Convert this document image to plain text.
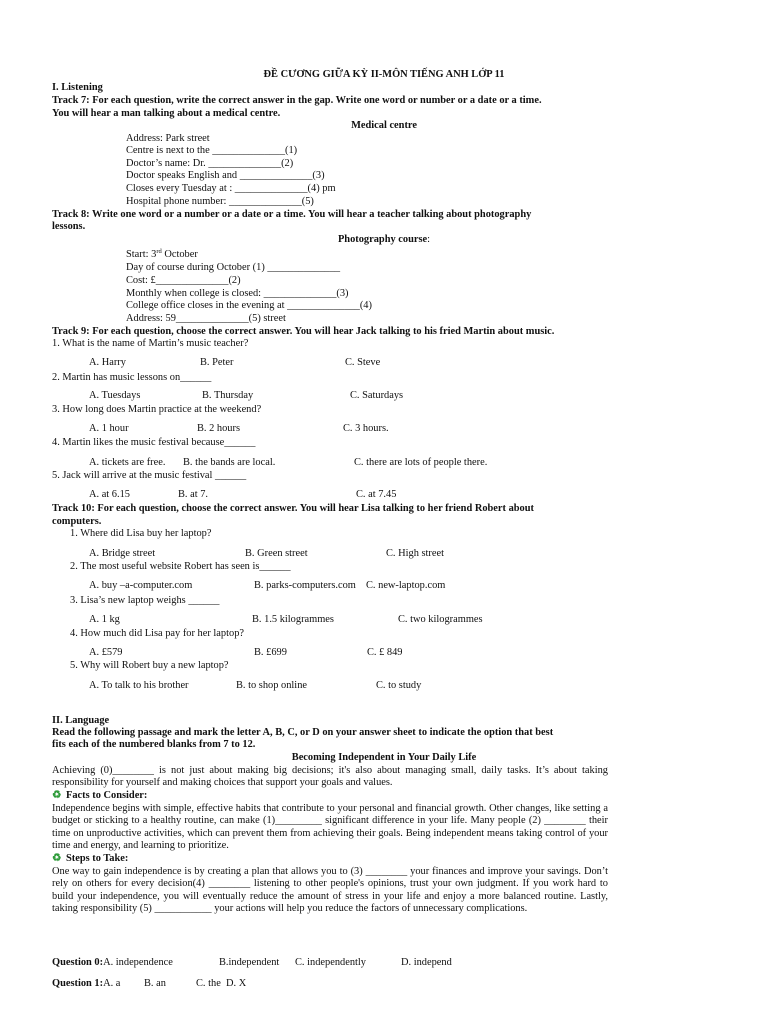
ĐỀ CƯƠNG GIỮA KỲ II-MÔN TIẾNG ANH LỚP 11
I. Listening
Track 7: For each question, write the correct answer in the gap. Write one word or number or a date or a time.
You will hear a man talking about a medical centre.
Medical centre
Address: Park street
Centre is next to the ______________(1)
Doctor’s name: Dr. ______________(2)
Doctor speaks English and ______________(3)
Closes every Tuesday at : ______________(4) pm
Hospital phone number: ______________(5)
Track 8: Write one word or a number or a date or a time. You will hear a teacher talking about photography
lessons.
Photography course:
Start: 3rd October
Day of course during October (1) ______________
Cost: £______________(2)
Monthly when college is closed: ______________(3)
College office closes in the evening at ______________(4)
Address: 59______________(5) street
Track 9: For each question, choose the correct answer. You will hear Jack talking to his fried Martin about music.
1. What is the name of Martin’s music teacher?
A. Harry	B. Peter	C. Steve
2. Martin has music lessons on______
A. Tuesdays	B. Thursday	C. Saturdays
3. How long does Martin practice at the weekend?
A. 1 hour	B. 2 hours	C. 3 hours.
4. Martin likes the music festival because______
A. tickets are free. B. the bands are local.	C. there are lots of people there.
5. Jack will arrive at the music festival ______
A. at 6.15	B. at 7.	C. at 7.45
Track 10: For each question, choose the correct answer. You will hear Lisa talking to her friend Robert about
computers.
1. Where did Lisa buy her laptop?
A. Bridge street	B. Green street	C. High street
2. The most useful website Robert has seen is______
A. buy –a-computer.com	B. parks-computers.com C. new-laptop.com
3. Lisa’s new laptop weighs ______
A. 1 kg	B. 1.5 kilogrammes	C. two kilogrammes
4. How much did Lisa pay for her laptop?
A. £579	B. £699	C. £ 849
5. Why will Robert buy a new laptop?
A. To talk to his brother	B. to shop online	C. to study
II. Language
Read the following passage and mark the letter A, B, C, or D on your answer sheet to indicate the option that best
fits each of the numbered blanks from 7 to 12.
Becoming Independent in Your Daily Life
Achieving (0)________ is not just about making big decisions; it's also about managing small, daily tasks. It’s about taking responsibility for yourself and making choices that support your goals and values.
♻ Facts to Consider:
Independence begins with simple, effective habits that contribute to your personal and financial growth. Other changes, like setting a budget or sticking to a healthy routine, can make (1)_________ significant difference in your life. Many people (2) ________ their time on unproductive activities, which can prevent them from achieving their goals. Being independent means taking control of your time and energy, and learning to prioritize.
♻ Steps to Take:
One way to gain independence is by creating a plan that allows you to (3) ________ your finances and improve your savings. Don’t rely on others for every decision(4) ________ listening to other people's opinions, trust your own judgment. If you work hard to build your independence, you will eventually reduce the amount of stress in your life and enjoy a more balanced routine. Lastly, taking responsibility (5) ___________ your actions will help you reduce the factors of unnecessary complications.
Question 0:A. independence	B.independent C. independently	D. independ
Question 1:A. a B. an	C. the D. X
